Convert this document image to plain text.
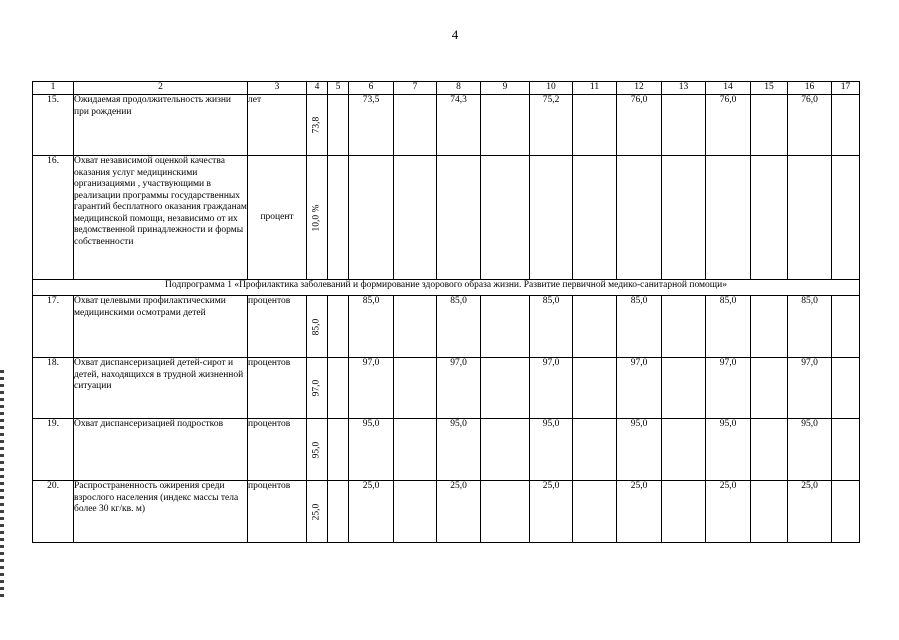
4
1	2	3	4	5	6	7	8	9	10	11	12	13	14	15	16	17
15.	Ожидаемая продолжительность жизни при рождении	лет	73,8		73,5		74,3		75,2		76,0		76,0		76,0	
16.	Охват независимой оценкой качества оказания услуг медицинскими организациями , участвующими в реализации программы государственных гарантий бесплатного оказания гражданам медицинской помощи, независимо от их ведомственной принадлежности и формы собственности	процент	10,0 %													

Подпрограмма 1 «Профилактика заболеваний и формирование здорового образа жизни. Развитие первичной медико-санитарной помощи»																
17.	Охват целевыми профилактическими медицинскими осмотрами детей	процентов	85,0		85,0		85,0		85,0		85,0		85,0		85,0	
18.	Охват диспансеризацией детей-сирот и детей, находящихся в трудной жизненной ситуации	процентов	97,0		97,0		97,0		97,0		97,0		97,0		97,0	
19.	Охват диспансеризацией подростков	процентов	95,0		95,0		95,0		95,0		95,0		95,0		95,0	
20.	Распространенность ожирения среди взрослого населения (индекс массы тела более 30 кг/кв. м)	процентов	25,0		25,0		25,0		25,0		25,0		25,0		25,0	
